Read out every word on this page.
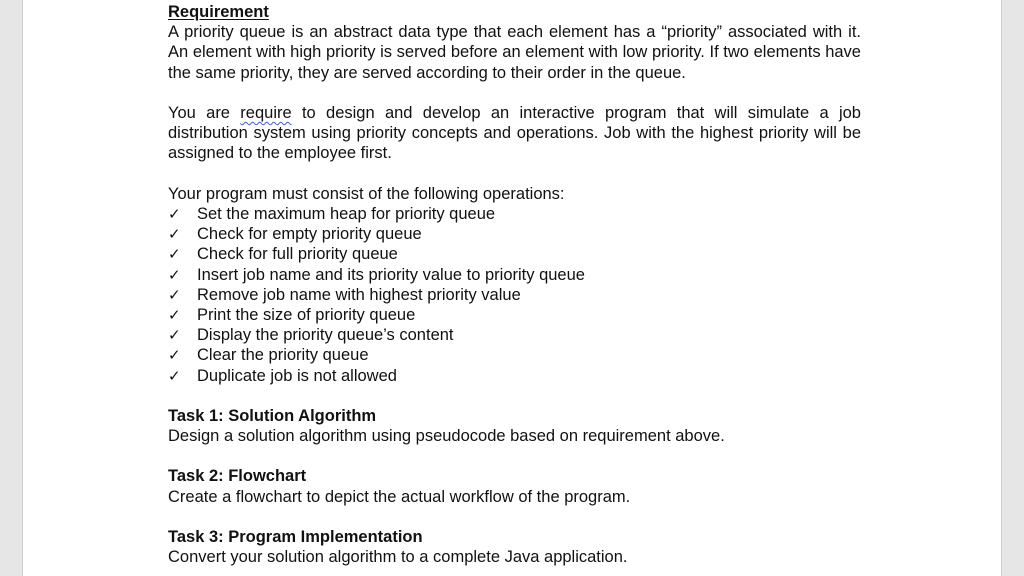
Requirement

A priority queue is an abstract data type that each element has a “priority” associated with it. An element with high priority is served before an element with low priority. If two elements have the same priority, they are served according to their order in the queue.

You are require to design and develop an interactive program that will simulate a job distribution system using priority concepts and operations. Job with the highest priority will be assigned to the employee first.

Your program must consist of the following operations:
✓ Set the maximum heap for priority queue
✓ Check for empty priority queue
✓ Check for full priority queue
✓ Insert job name and its priority value to priority queue
✓ Remove job name with highest priority value
✓ Print the size of priority queue
✓ Display the priority queue’s content
✓ Clear the priority queue
✓ Duplicate job is not allowed
Task 1: Solution Algorithm
Design a solution algorithm using pseudocode based on requirement above.
Task 2: Flowchart
Create a flowchart to depict the actual workflow of the program.
Task 3: Program Implementation
Convert your solution algorithm to a complete Java application.
